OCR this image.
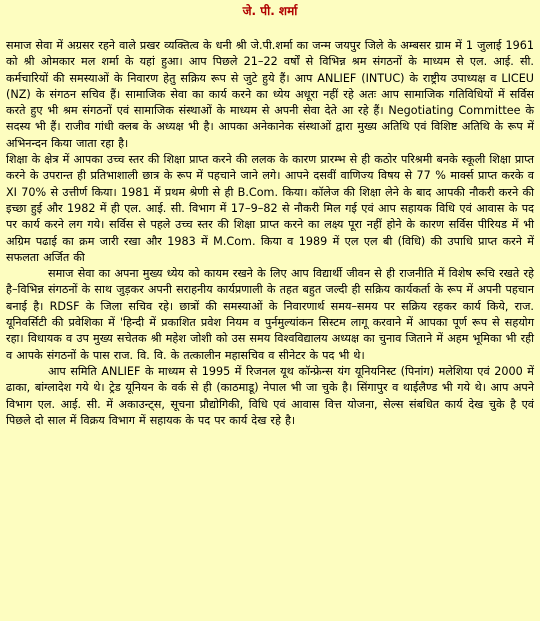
जे. पी. शर्मा

समाज सेवा में अग्रसर रहने वाले प्रखर व्यक्तित्व के धनी श्री जे.पी.शर्मा का जन्म जयपुर जिले के अम्बसर ग्राम में 1 जुलाई 1961 को श्री ओमकार मल शर्मा के यहां हुआ। आप पिछले 21–22 वर्षों से विभिन्न श्रम संगठनों के माध्यम से एल. आई. सी. कर्मचारियों की समस्याओं के निवारण हेतु सक्रिय रूप से जुटे हुये हैं। आप ANLIEF (INTUC) के राष्ट्रीय उपाध्यक्ष व LICEU (NZ) के संगठन सचिव हैं। सामाजिक सेवा का कार्य करने का ध्येय अधूरा नहीं रहे अतः आप सामाजिक गतिविधियों में सर्विस करते हुए भी श्रम संगठनों एवं सामाजिक संस्थाओं के माध्यम से अपनी सेवा देते आ रहे हैं। Negotiating Committee के सदस्य भी हैं। राजीव गांधी क्लब के अध्यक्ष भी है। आपका अनेकानेक संस्थाओं द्वारा मुख्य अतिथि एवं विशिष्ट अतिथि के रूप में अभिनन्दन किया जाता रहा है।

शिक्षा के क्षेत्र में आपका उच्च स्तर की शिक्षा प्राप्त करने की ललक के कारण प्रारम्भ से ही कठोर परिश्रमी बनके स्कूली शिक्षा प्राप्त करने के उपरान्त ही प्रतिभाशाली छात्र के रूप में पहचाने जाने लगे। आपने दसवीं वाणिज्य विषय से 77 % मार्क्स प्राप्त करके व XI 70% से उत्तीर्ण किया। 1981 में प्रथम श्रेणी से ही B.Com. किया। कॉलेज की शिक्षा लेने के बाद आपकी नौकरी करने की इच्छा हुई और 1982 में ही एल. आई. सी. विभाग में 17–9–82 से नौकरी मिल गई एवं आप सहायक विधि एवं आवास के पद पर कार्य करने लग गये। सर्विस से पहले उच्च स्तर की शिक्षा प्राप्त करने का लक्ष्य पूरा नहीं होने के कारण सर्विस पीरियड में भी अग्रिम पढाई का क्रम जारी रखा और 1983 में M.Com. किया व 1989 में एल एल बी (विधि) की उपाधि प्राप्त करने में सफलता अर्जित की

समाज सेवा का अपना मुख्य ध्येय को कायम रखने के लिए आप विद्यार्थी जीवन से ही राजनीति में विशेष रूचि रखते रहे है–विभिन्न संगठनों के साथ जुड़कर अपनी सराहनीय कार्यप्रणाली के तहत बहुत जल्दी ही सक्रिय कार्यकर्ता के रूप में अपनी पहचान बनाई है। RDSF के जिला सचिव रहे। छात्रों की समस्याओं के निवारणार्थ समय–समय पर सक्रिय रहकर कार्य किये, राज. यूनिवर्सिटी की प्रवेशिका में 'हिन्दी में प्रकाशित प्रवेश नियम व पुर्नमुल्यांकन सिस्टम लागू करवाने में आपका पूर्ण रूप से सहयोग रहा। विधायक व उप मुख्य सचेतक श्री महेश जोशी को उस समय विश्वविद्यालय अध्यक्ष का चुनाव जिताने में अहम भूमिका भी रही व आपके संगठनों के पास राज. वि. वि. के तत्कालीन महासचिव व सीनेटर के पद भी थे।

आप समिति ANLIEF के माध्यम से 1995 में रिजनल यूथ कॉन्फ्रेन्स यंग यूनियनिस्ट (पिनांग) मलेशिया एवं 2000 में ढाका, बांग्लादेश गये थे। ट्रेड यूनियन के वर्क से ही (काठमाडू) नेपाल भी जा चुके है। सिंगापुर व थाईलैण्ड भी गये थे। आप अपने विभाग एल. आई. सी. में अकाउन्ट्स, सूचना प्रौद्योगिकी, विधि एवं आवास वित्त योजना, सेल्स संबधित कार्य देख चुके है एवं पिछले दो साल में विक्रय विभाग में सहायक के पद पर कार्य देख रहे है।
